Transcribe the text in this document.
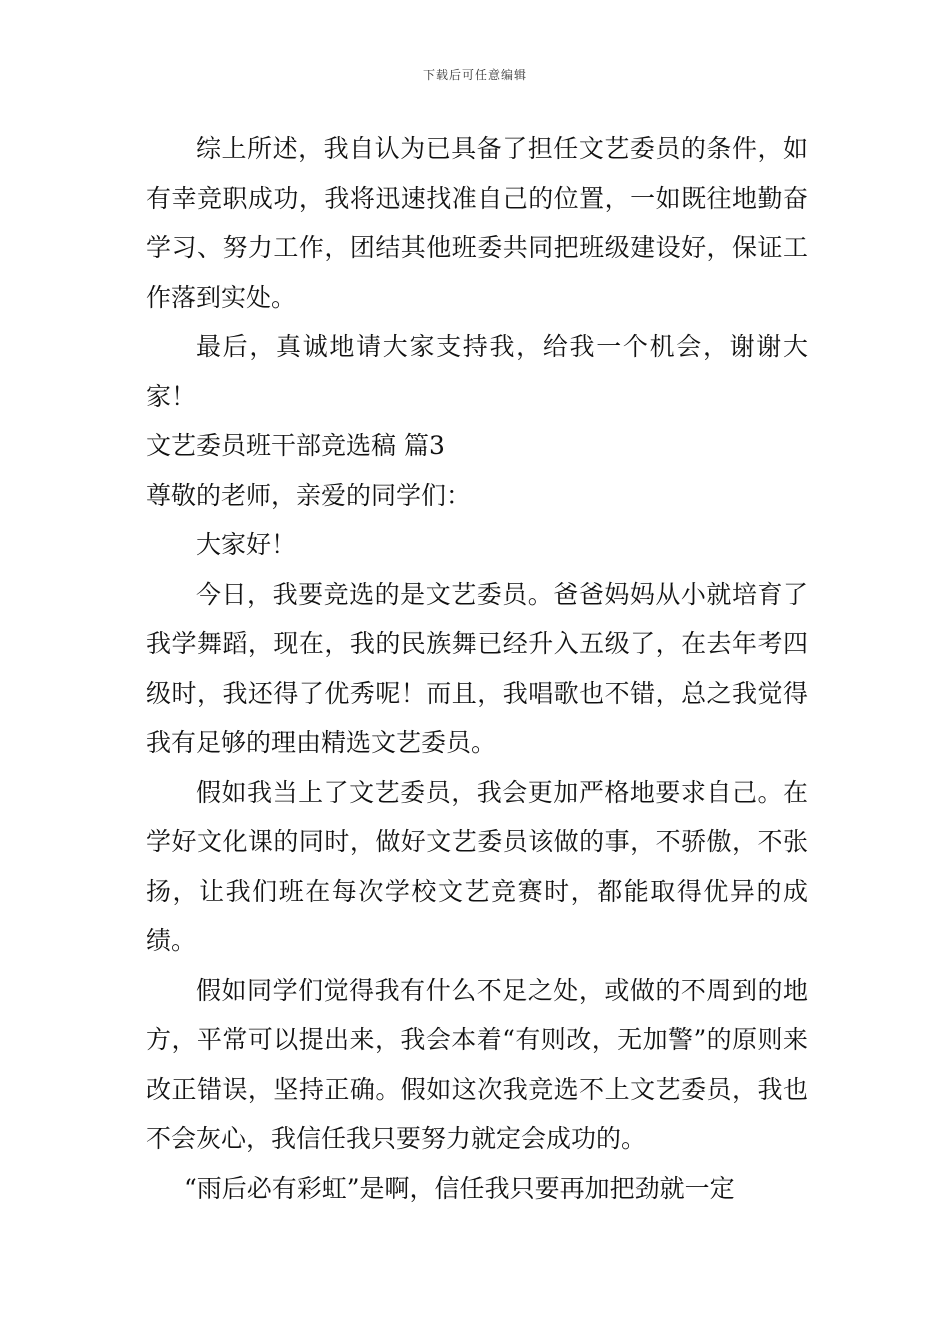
下载后可任意编辑

综上所述，我自认为已具备了担任文艺委员的条件，如有幸竞职成功，我将迅速找准自己的位置，一如既往地勤奋学习、努力工作，团结其他班委共同把班级建设好，保证工作落到实处。

最后，真诚地请大家支持我，给我一个机会，谢谢大家！

文艺委员班干部竞选稿 篇3

尊敬的老师，亲爱的同学们：

大家好！

今日，我要竞选的是文艺委员。爸爸妈妈从小就培育了我学舞蹈，现在，我的民族舞已经升入五级了，在去年考四级时，我还得了优秀呢！而且，我唱歌也不错，总之我觉得我有足够的理由精选文艺委员。

假如我当上了文艺委员，我会更加严格地要求自己。在学好文化课的同时，做好文艺委员该做的事，不骄傲，不张扬，让我们班在每次学校文艺竞赛时，都能取得优异的成绩。

假如同学们觉得我有什么不足之处，或做的不周到的地方，平常可以提出来，我会本着“有则改，无加警”的原则来改正错误，坚持正确。假如这次我竞选不上文艺委员，我也不会灰心，我信任我只要努力就定会成功的。

“雨后必有彩虹”是啊，信任我只要再加把劲就一定
